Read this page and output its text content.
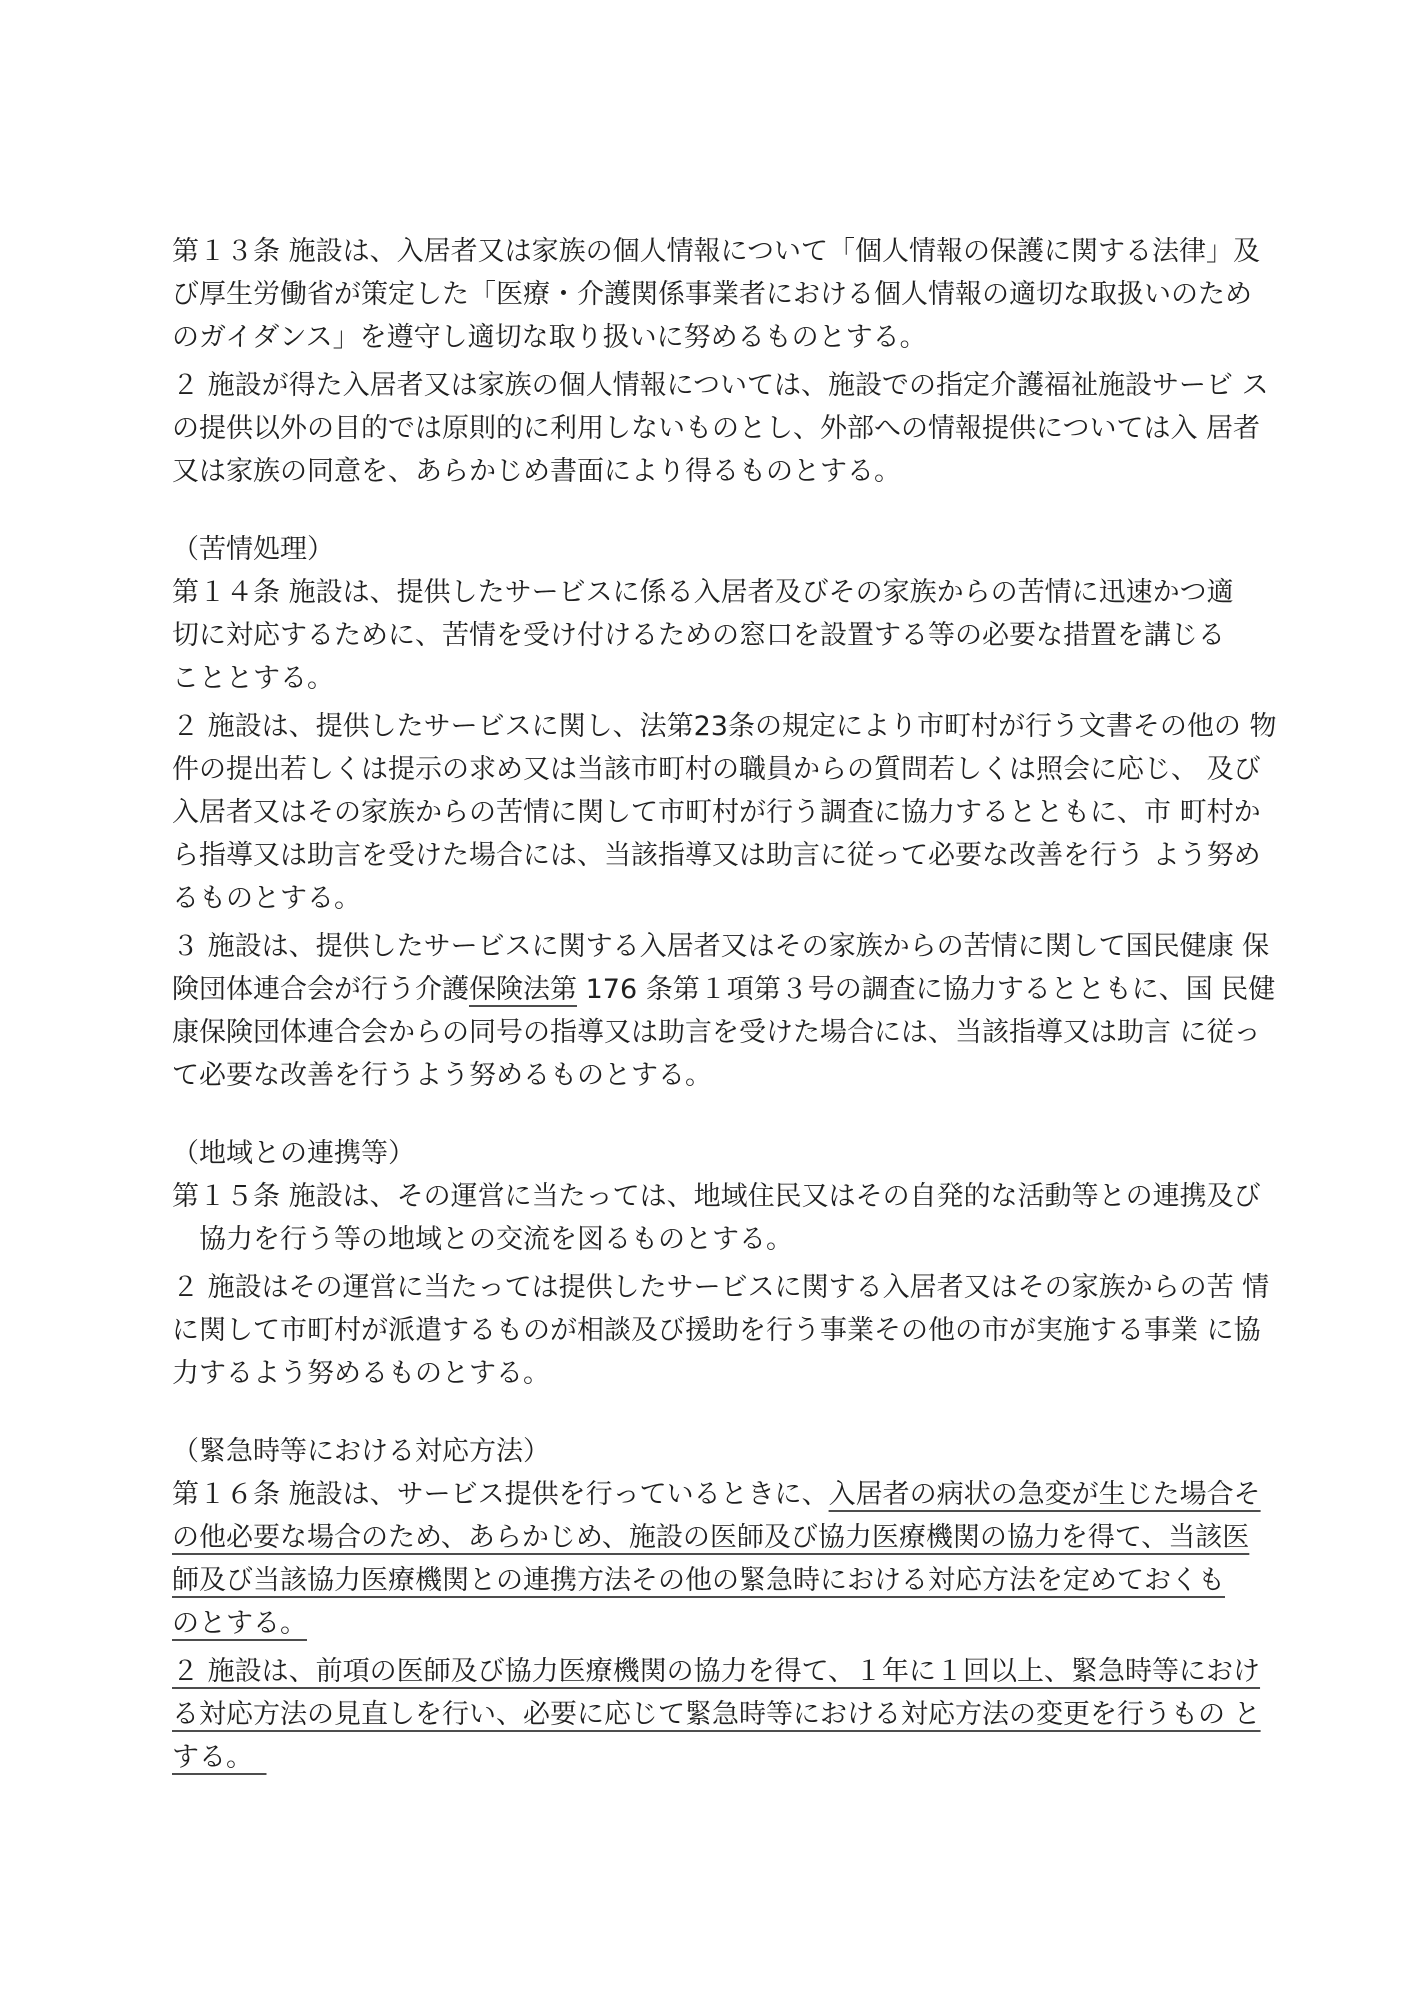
第１３条 施設は、入居者又は家族の個人情報について「個人情報の保護に関する法律」及
び厚生労働省が策定した「医療・介護関係事業者における個人情報の適切な取扱いのため
のガイダンス」を遵守し適切な取り扱いに努めるものとする。
２ 施設が得た入居者又は家族の個人情報については、施設での指定介護福祉施設サービ ス
の提供以外の目的では原則的に利用しないものとし、外部への情報提供については入 居者
又は家族の同意を、あらかじめ書面により得るものとする。
（苦情処理）
第１４条 施設は、提供したサービスに係る入居者及びその家族からの苦情に迅速かつ適
切に対応するために、苦情を受け付けるための窓口を設置する等の必要な措置を講じる
こととする。
２ 施設は、提供したサービスに関し、法第23条の規定により市町村が行う文書その他の 物
件の提出若しくは提示の求め又は当該市町村の職員からの質問若しくは照会に応じ、 及び
入居者又はその家族からの苦情に関して市町村が行う調査に協力するとともに、市 町村か
ら指導又は助言を受けた場合には、当該指導又は助言に従って必要な改善を行う よう努め
るものとする。
３ 施設は、提供したサービスに関する入居者又はその家族からの苦情に関して国民健康 保
険団体連合会が行う介護保険法第 176 条第１項第３号の調査に協力するとともに、国 民健
康保険団体連合会からの同号の指導又は助言を受けた場合には、当該指導又は助言 に従っ
て必要な改善を行うよう努めるものとする。
（地域との連携等）
第１５条 施設は、その運営に当たっては、地域住民又はその自発的な活動等との連携及び
　協力を行う等の地域との交流を図るものとする。
２ 施設はその運営に当たっては提供したサービスに関する入居者又はその家族からの苦 情
に関して市町村が派遣するものが相談及び援助を行う事業その他の市が実施する事業 に協
力するよう努めるものとする。
（緊急時等における対応方法）
第１６条 施設は、サービス提供を行っているときに、入居者の病状の急変が生じた場合そ
の他必要な場合のため、あらかじめ、施設の医師及び協力医療機関の協力を得て、当該医
師及び当該協力医療機関との連携方法その他の緊急時における対応方法を定めておくも
のとする。
２ 施設は、前項の医師及び協力医療機関の協力を得て、１年に１回以上、緊急時等におけ
る対応方法の見直しを行い、必要に応じて緊急時等における対応方法の変更を行うもの と
する。　
